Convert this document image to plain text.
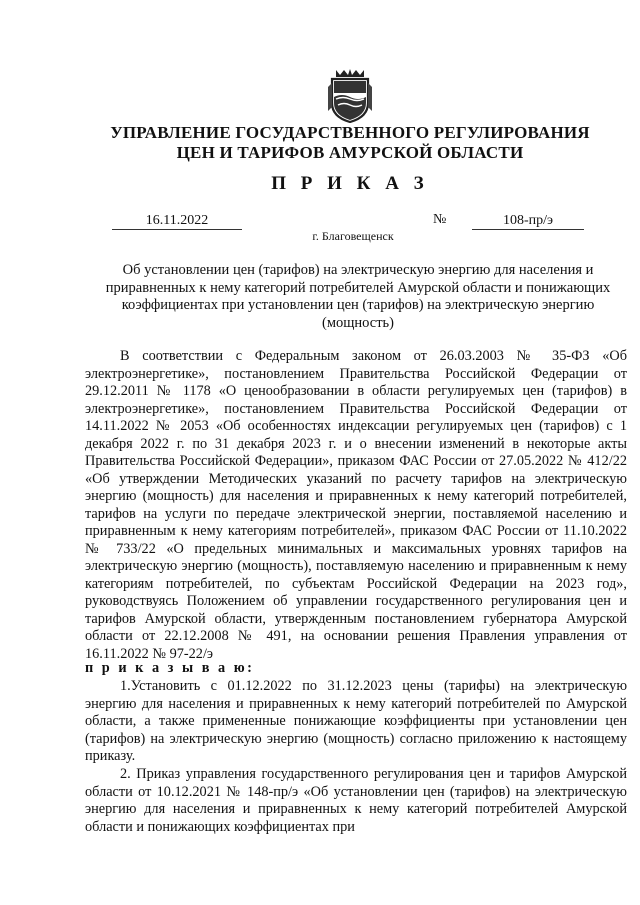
УПРАВЛЕНИЕ ГОСУДАРСТВЕННОГО РЕГУЛИРОВАНИЯ
ЦЕН И ТАРИФОВ АМУРСКОЙ ОБЛАСТИ
П Р И К А З
16.11.2022	№	108-пр/э
г. Благовещенск
Об установлении цен (тарифов) на электрическую энергию для населения и приравненных к нему категорий потребителей Амурской области и понижающих коэффициентах при установлении цен (тарифов) на электрическую энергию (мощность)

В соответствии с Федеральным законом от 26.03.2003 № 35-ФЗ «Об электроэнергетике», постановлением Правительства Российской Федерации от 29.12.2011 № 1178 «О ценообразовании в области регулируемых цен (тарифов) в электроэнергетике», постановлением Правительства Российской Федерации от 14.11.2022 № 2053 «Об особенностях индексации регулируемых цен (тарифов) с 1 декабря 2022 г. по 31 декабря 2023 г. и о внесении изменений в некоторые акты Правительства Российской Федерации», приказом ФАС России от 27.05.2022 № 412/22 «Об утверждении Методических указаний по расчету тарифов на электрическую энергию (мощность) для населения и приравненных к нему категорий потребителей, тарифов на услуги по передаче электрической энергии, поставляемой населению и приравненным к нему категориям потребителей», приказом ФАС России от 11.10.2022 № 733/22 «О предельных минимальных и максимальных уровнях тарифов на электрическую энергию (мощность), поставляемую населению и приравненным к нему категориям потребителей, по субъектам Российской Федерации на 2023 год», руководствуясь Положением об управлении государственного регулирования цен и тарифов Амурской области, утвержденным постановлением губернатора Амурской области от 22.12.2008 № 491, на основании решения Правления управления от 16.11.2022 № 97-22/э

п р и к а з ы в а ю:

1.Установить с 01.12.2022 по 31.12.2023 цены (тарифы) на электрическую энергию для населения и приравненных к нему категорий потребителей по Амурской области, а также примененные понижающие коэффициенты при установлении цен (тарифов) на электрическую энергию (мощность) согласно приложению к настоящему приказу.

2. Приказ управления государственного регулирования цен и тарифов Амурской области от 10.12.2021 № 148-пр/э «Об установлении цен (тарифов) на электрическую энергию для населения и приравненных к нему категорий потребителей Амурской области и понижающих коэффициентах при
